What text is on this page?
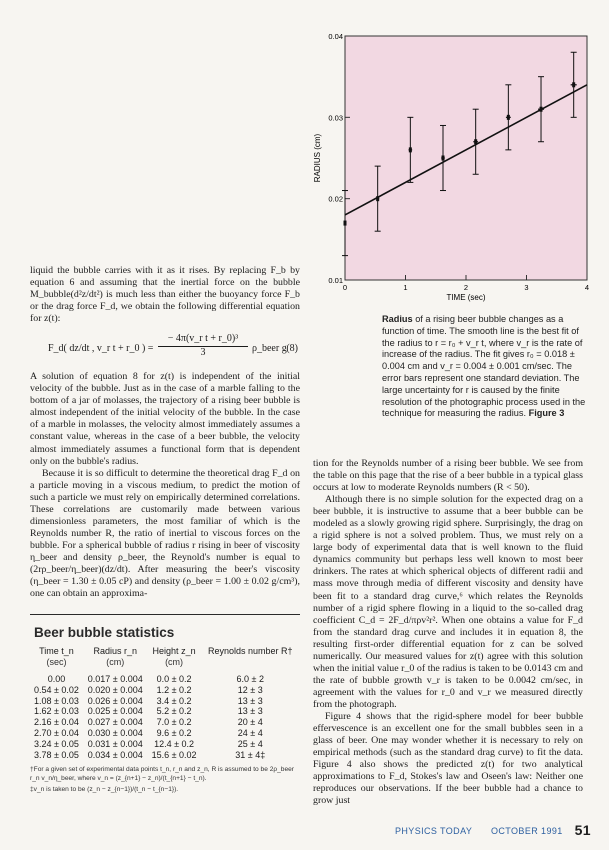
liquid the bubble carries with it as it rises. By replacing F_b by equation 6 and assuming that the inertial force on the bubble M_bubble(d²z/dt²) is much less than either the buoyancy force F_b or the drag force F_d, we obtain the following differential equation for z(t):

F_d( dz/dt , v_r t + r_0 ) = $\frac{\text{− 4π(v\_r t + r\_0)³}}{3}$ ρ_beer g (8)

A solution of equation 8 for z(t) is independent of the initial velocity of the bubble. Just as in the case of a marble falling to the bottom of a jar of molasses, the trajectory of a rising beer bubble is almost independent of the initial velocity of the bubble. In the case of a marble in molasses, the velocity almost immediately assumes a constant value, whereas in the case of a beer bubble, the velocity almost immediately assumes a functional form that is dependent only on the bubble's radius.

Because it is so difficult to determine the theoretical drag F_d on a particle moving in a viscous medium, to predict the motion of such a particle we must rely on empirically determined correlations. These correlations are customarily made between various dimensionless parameters, the most familiar of which is the Reynolds number R, the ratio of inertial to viscous forces on the bubble. For a spherical bubble of radius r rising in beer of viscosity η_beer and density ρ_beer, the Reynold's number is equal to (2rρ_beer/η_beer)(dz/dt). After measuring the beer's viscosity (η_beer = 1.30 ± 0.05 cP) and density (ρ_beer = 1.00 ± 0.02 g/cm³), one can obtain an approxima-

0	1	2	3	4
0.01
0.02
0.03
0.04
TIME (sec)
RADIUS (cm)
Radius of a rising beer bubble changes as a function of time. The smooth line is the best fit of the radius to r = r₀ + v_r t, where v_r is the rate of increase of the radius. The fit gives r₀ = 0.018 ± 0.004 cm and v_r = 0.004 ± 0.001 cm/sec. The error bars represent one standard deviation. The large uncertainty for r is caused by the finite resolution of the photographic process used in the technique for measuring the radius. Figure 3

tion for the Reynolds number of a rising beer bubble. We see from the table on this page that the rise of a beer bubble in a typical glass occurs at low to moderate Reynolds numbers (R < 50).

Although there is no simple solution for the expected drag on a beer bubble, it is instructive to assume that a beer bubble can be modeled as a slowly growing rigid sphere. Surprisingly, the drag on a rigid sphere is not a solved problem. Thus, we must rely on a large body of experimental data that is well known to the fluid dynamics community but perhaps less well known to most beer drinkers. The rates at which spherical objects of different radii and mass move through media of different viscosity and density have been fit to a standard drag curve,⁶ which relates the Reynolds number of a rigid sphere flowing in a liquid to the so-called drag coefficient C_d = 2F_d/πρv²r². When one obtains a value for F_d from the standard drag curve and includes it in equation 8, the resulting first-order differential equation for z can be solved numerically. Our measured values for z(t) agree with this solution when the initial value r_0 of the radius is taken to be 0.0143 cm and the rate of bubble growth v_r is taken to be 0.0042 cm/sec, in agreement with the values for r_0 and v_r we measured directly from the photograph.

Figure 4 shows that the rigid-sphere model for beer bubble effervescence is an excellent one for the small bubbles seen in a glass of beer. One may wonder whether it is necessary to rely on empirical methods (such as the standard drag curve) to fit the data. Figure 4 also shows the predicted z(t) for two analytical approximations to F_d, Stokes's law and Oseen's law: Neither one reproduces our observations. If the beer bubble had a chance to grow just

Beer bubble statistics
Time t_n	Radius r_n	Height z_n	Reynolds number R†
(sec)	(cm)	(cm)	
0.00	0.017 ± 0.004	0.0 ± 0.2	6.0 ± 2
0.54 ± 0.02	0.020 ± 0.004	1.2 ± 0.2	12 ± 3
1.08 ± 0.03	0.026 ± 0.004	3.4 ± 0.2	13 ± 3
1.62 ± 0.03	0.025 ± 0.004	5.2 ± 0.2	13 ± 3
2.16 ± 0.04	0.027 ± 0.004	7.0 ± 0.2	20 ± 4
2.70 ± 0.04	0.030 ± 0.004	9.6 ± 0.2	24 ± 4
3.24 ± 0.05	0.031 ± 0.004	12.4 ± 0.2	25 ± 4
3.78 ± 0.05	0.034 ± 0.004	15.6 ± 0.02	31 ± 4‡
†For a given set of experimental data points t_n, r_n and z_n, R is assumed to be 2ρ_beer r_n v_n/η_beer, where v_n = (z_{n+1} − z_n)/(t_{n+1} − t_n).
‡v_n is taken to be (z_n − z_{n−1})/(t_n − t_{n−1}).
PHYSICS TODAY OCTOBER 1991 51
